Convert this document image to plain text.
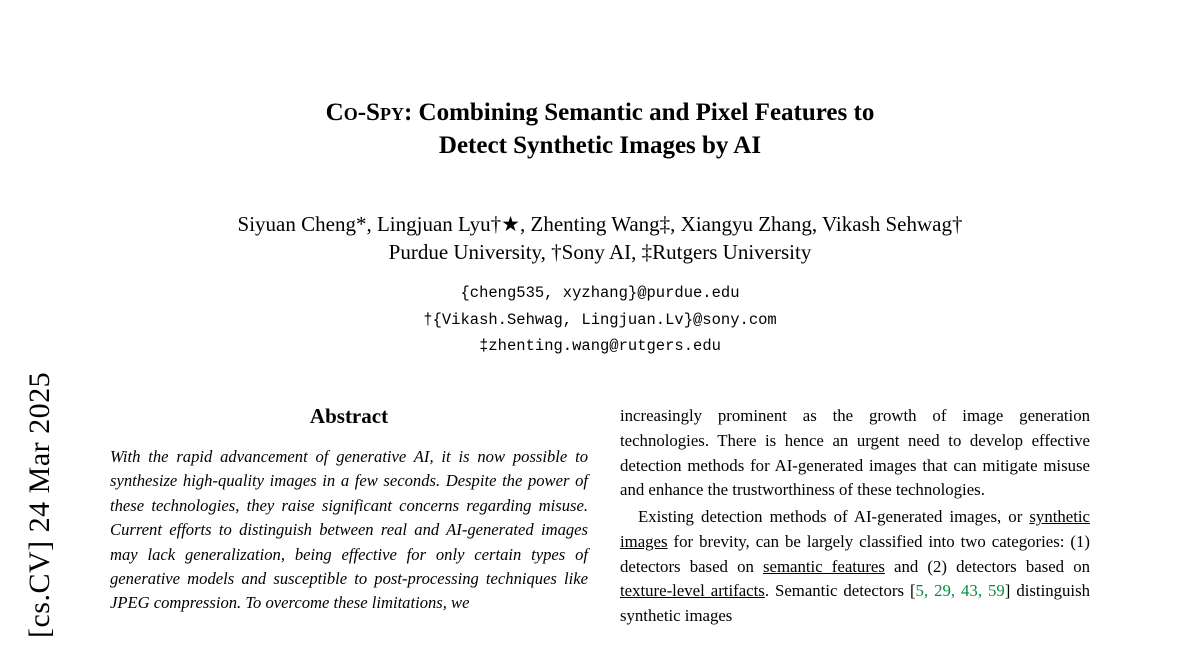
[cs.CV] 24 Mar 2025
Co-Spy: Combining Semantic and Pixel Features to
Detect Synthetic Images by AI
Siyuan Cheng*, Lingjuan Lyu†★, Zhenting Wang‡, Xiangyu Zhang, Vikash Sehwag†
Purdue University, †Sony AI, ‡Rutgers University
{cheng535, xyzhang}@purdue.edu
†{Vikash.Sehwag, Lingjuan.Lv}@sony.com
‡zhenting.wang@rutgers.edu
Abstract

With the rapid advancement of generative AI, it is now possible to synthesize high-quality images in a few seconds. Despite the power of these technologies, they raise significant concerns regarding misuse. Current efforts to distinguish between real and AI-generated images may lack generalization, being effective for only certain types of generative models and susceptible to post-processing techniques like JPEG compression. To overcome these limitations, we

increasingly prominent as the growth of image generation technologies. There is hence an urgent need to develop effective detection methods for AI-generated images that can mitigate misuse and enhance the trustworthiness of these technologies.

Existing detection methods of AI-generated images, or synthetic images for brevity, can be largely classified into two categories: (1) detectors based on semantic features and (2) detectors based on texture-level artifacts. Semantic detectors [5, 29, 43, 59] distinguish synthetic images
